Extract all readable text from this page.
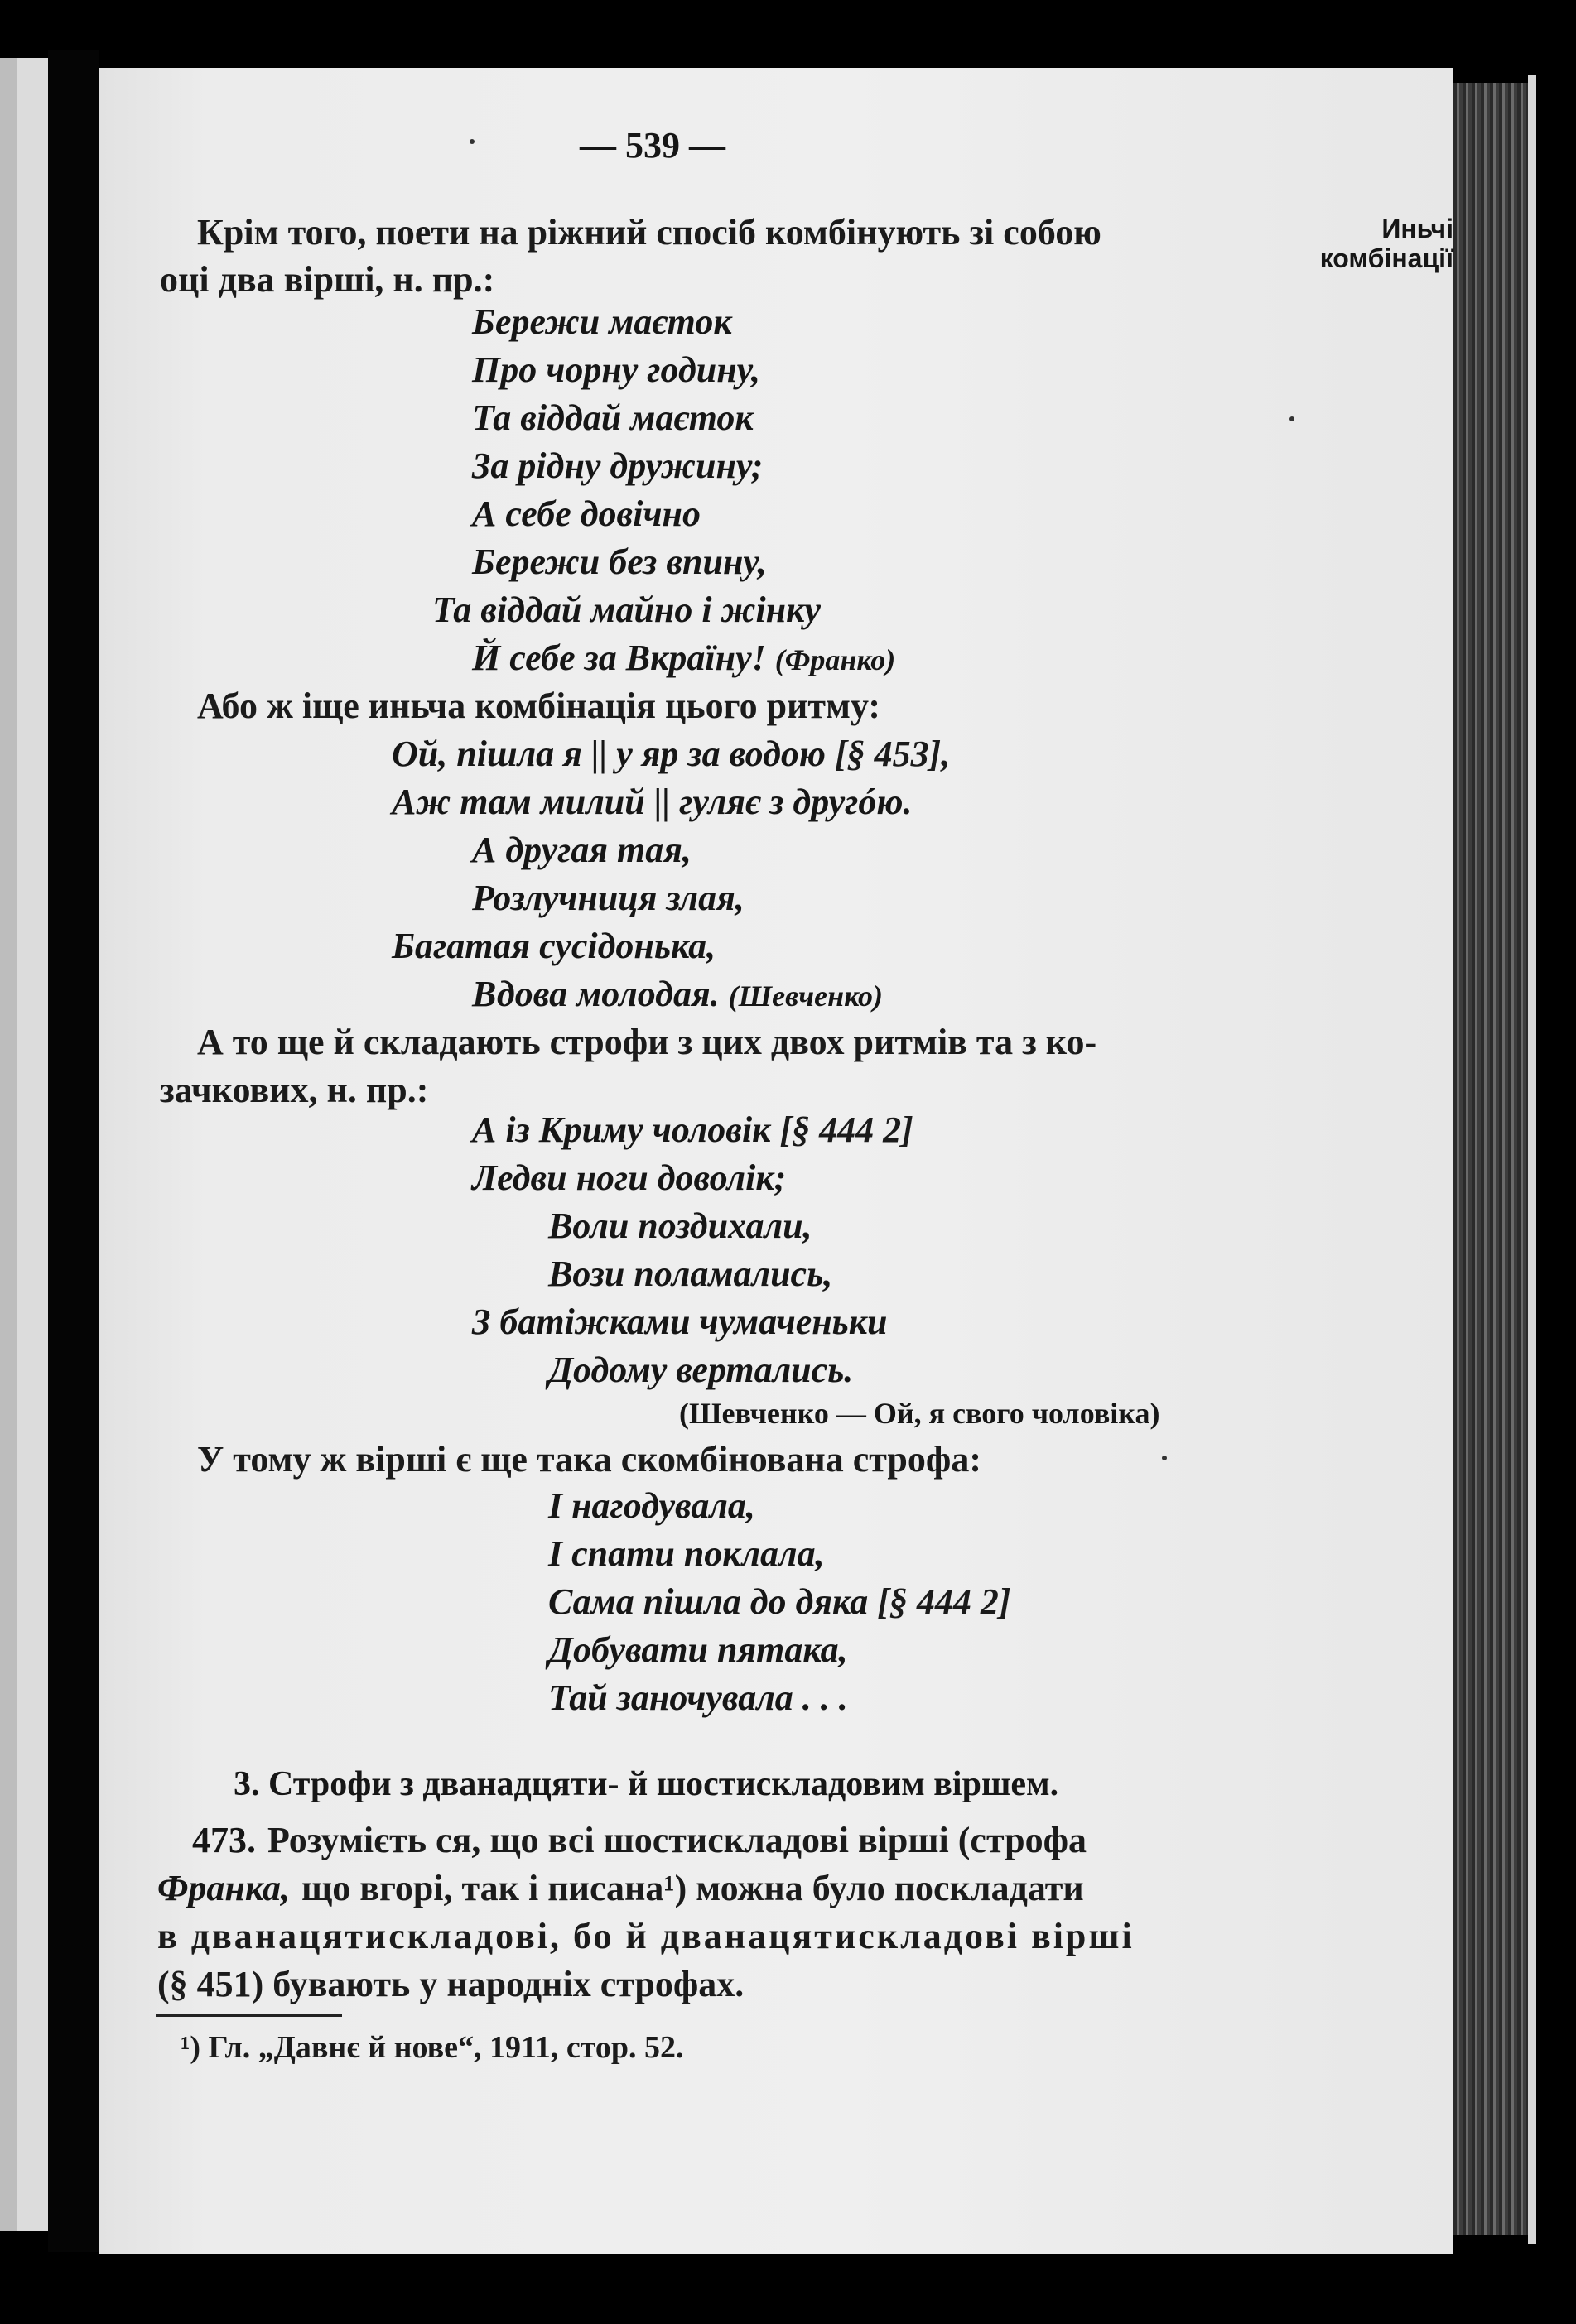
— 539 —
Иньчі
комбінації
Крім того, поети на ріжний спосіб комбінують зі собою
оці два вірші, н. пр.:
Бережи маєток
Про чорну годину,
Та віддай маєток
За рідну дружину;
А себе довічно
Бережи без впину,
Та віддай майно і жінку
Й себе за Вкраїну! (Франко)
Або ж іще иньча комбінація цього ритму:
Ой, пішла я || у яр за водою [§ 453],
Аж там милий || гуляє з другóю.
А другая тая,
Розлучниця злая,
Багатая сусідонька,
Вдова молодая. (Шевченко)
А то ще й складають строфи з цих двох ритмів та з ко-
зачкових, н. пр.:
А із Криму чоловік [§ 444 2]
Ледви ноги доволік;
Воли поздихали,
Вози поламались,
З батіжками чумаченьки
Додому вертались.
(Шевченко — Ой, я свого чоловіка)
У тому ж вірші є ще така скомбінована строфа:
І нагодувала,
І спати поклала,
Сама пішла до дяка [§ 444 2]
Добувати пятака,
Тай заночувала . . .
3. Строфи з дванадцяти- й шостискладовим віршем.
473. Розумієть ся, що всі шостискладові вірші (строфа
Франка, що вгорі, так і писана¹) можна було поскладати
в дванацятискладові, бо й дванацятискладові вірші
(§ 451) бувають у народніх строфах.
¹) Гл. „Давнє й нове“, 1911, стор. 52.
